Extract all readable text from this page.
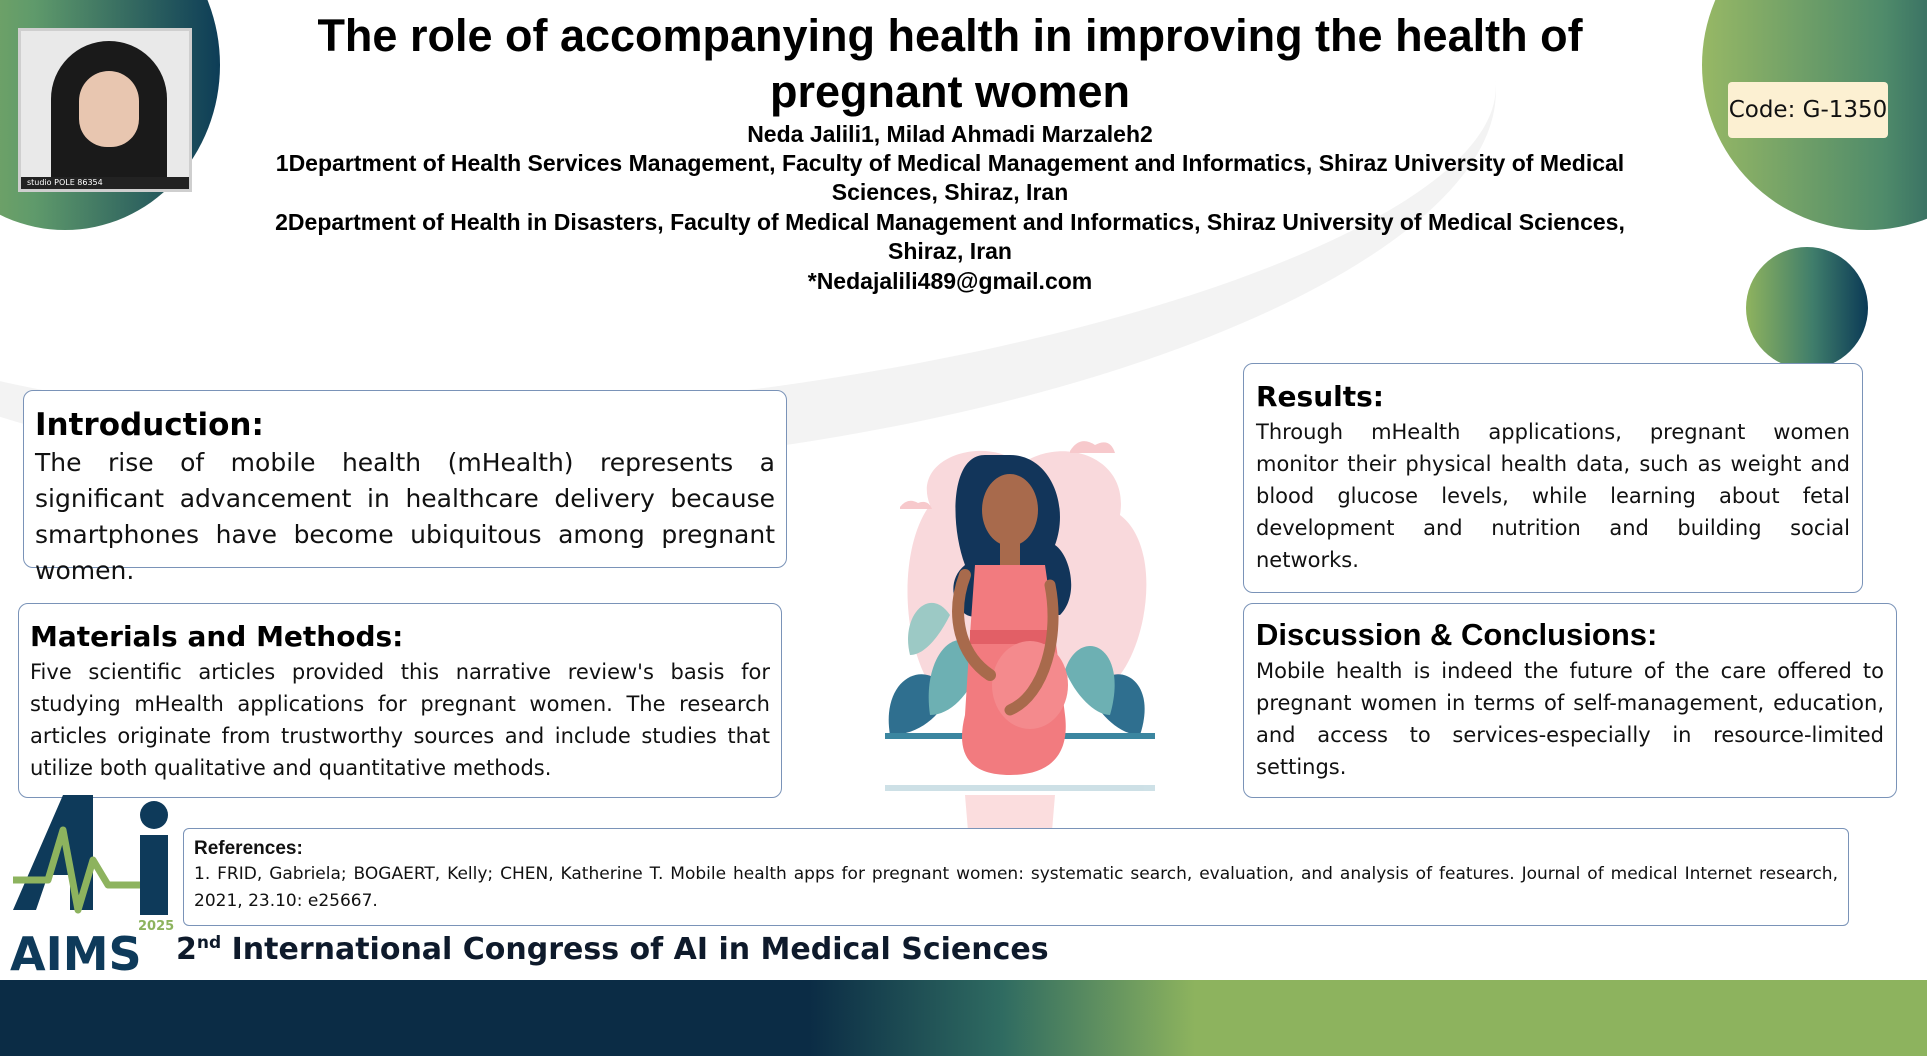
studio POLE 86354
Code: G-1350
The role of accompanying health in improving the health of pregnant women
Neda Jalili1, Milad Ahmadi Marzaleh2
1Department of Health Services Management, Faculty of Medical Management and Informatics, Shiraz University of Medical Sciences, Shiraz, Iran
2Department of Health in Disasters, Faculty of Medical Management and Informatics, Shiraz University of Medical Sciences, Shiraz, Iran
*Nedajalili489@gmail.com
Introduction:

The rise of mobile health (mHealth) represents a significant advancement in healthcare delivery because smartphones have become ubiquitous among pregnant women.

Materials and Methods:

Five scientific articles provided this narrative review's basis for studying mHealth applications for pregnant women. The research articles originate from trustworthy sources and include studies that utilize both qualitative and quantitative methods.

Results:

Through mHealth applications, pregnant women monitor their physical health data, such as weight and blood glucose levels, while learning about fetal development and nutrition and building social networks.

Discussion & Conclusions:

Mobile health is indeed the future of the care offered to pregnant women in terms of self-management, education, and access to services-especially in resource-limited settings.

References:

1. FRID, Gabriela; BOGAERT, Kelly; CHEN, Katherine T. Mobile health apps for pregnant women: systematic search, evaluation, and analysis of features. Journal of medical Internet research, 2021, 23.10: e25667.

2025
AIMS 2nd International Congress of AI in Medical Sciences
